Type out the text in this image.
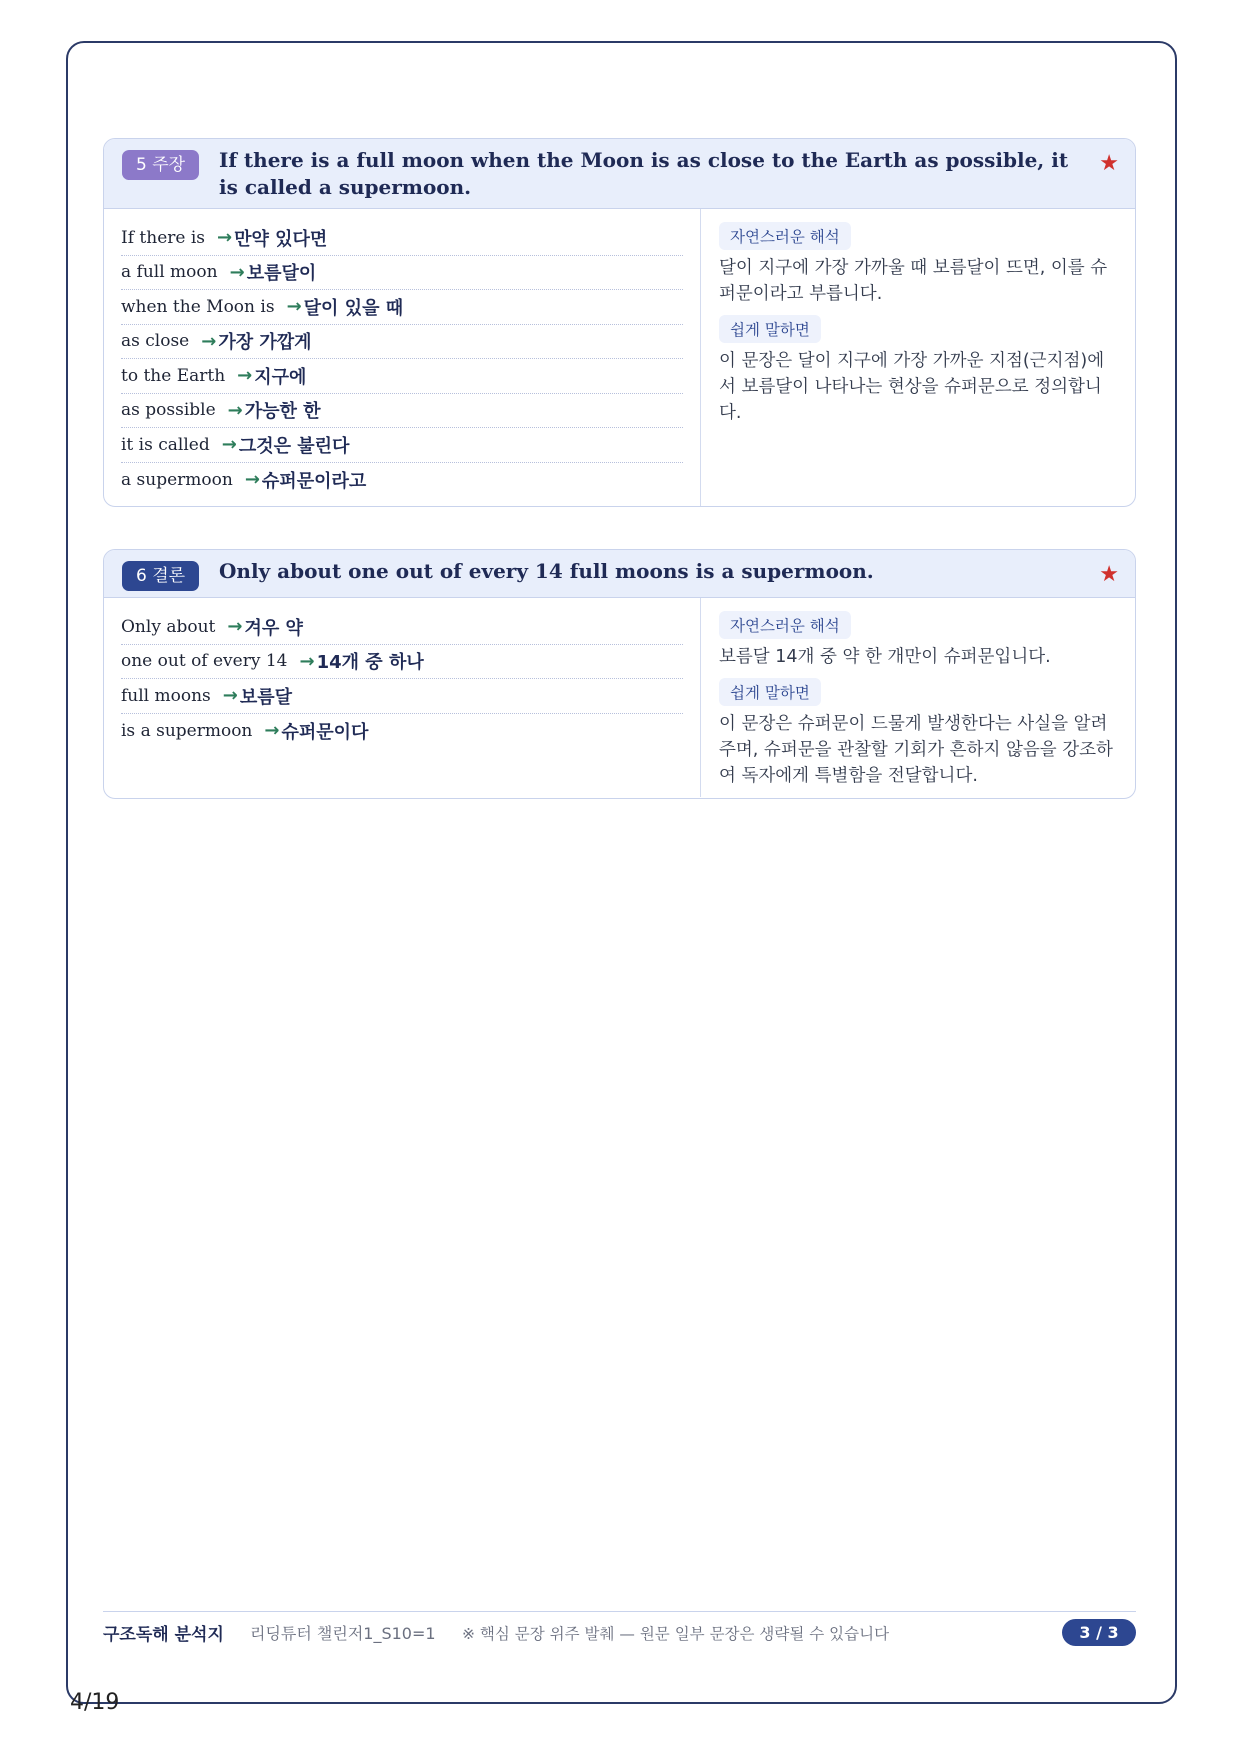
5 주장	If there is a full moon when the Moon is as close to the Earth as possible, it is called a supermoon.
★
If there is → 만약 있다면
a full moon → 보름달이
when the Moon is → 달이 있을 때
as close → 가장 가깝게
to the Earth → 지구에
as possible → 가능한 한
it is called → 그것은 불린다
a supermoon → 슈퍼문이라고
자연스러운 해석
달이 지구에 가장 가까울 때 보름달이 뜨면, 이를 슈퍼문이라고 부릅니다.
쉽게 말하면
이 문장은 달이 지구에 가장 가까운 지점(근지점)에서 보름달이 나타나는 현상을 슈퍼문으로 정의합니다.
6 결론	Only about one out of every 14 full moons is a supermoon.	★
Only about → 겨우 약
one out of every 14 → 14개 중 하나
full moons → 보름달
is a supermoon → 슈퍼문이다
자연스러운 해석
보름달 14개 중 약 한 개만이 슈퍼문입니다.
쉽게 말하면
이 문장은 슈퍼문이 드물게 발생한다는 사실을 알려 주며, 슈퍼문을 관찰할 기회가 흔하지 않음을 강조하여 독자에게 특별함을 전달합니다.
구조독해 분석지 리딩튜터 챌린저1_S10=1 ※ 핵심 문장 위주 발췌 — 원문 일부 문장은 생략될 수 있습니다	3 / 3
4/19
